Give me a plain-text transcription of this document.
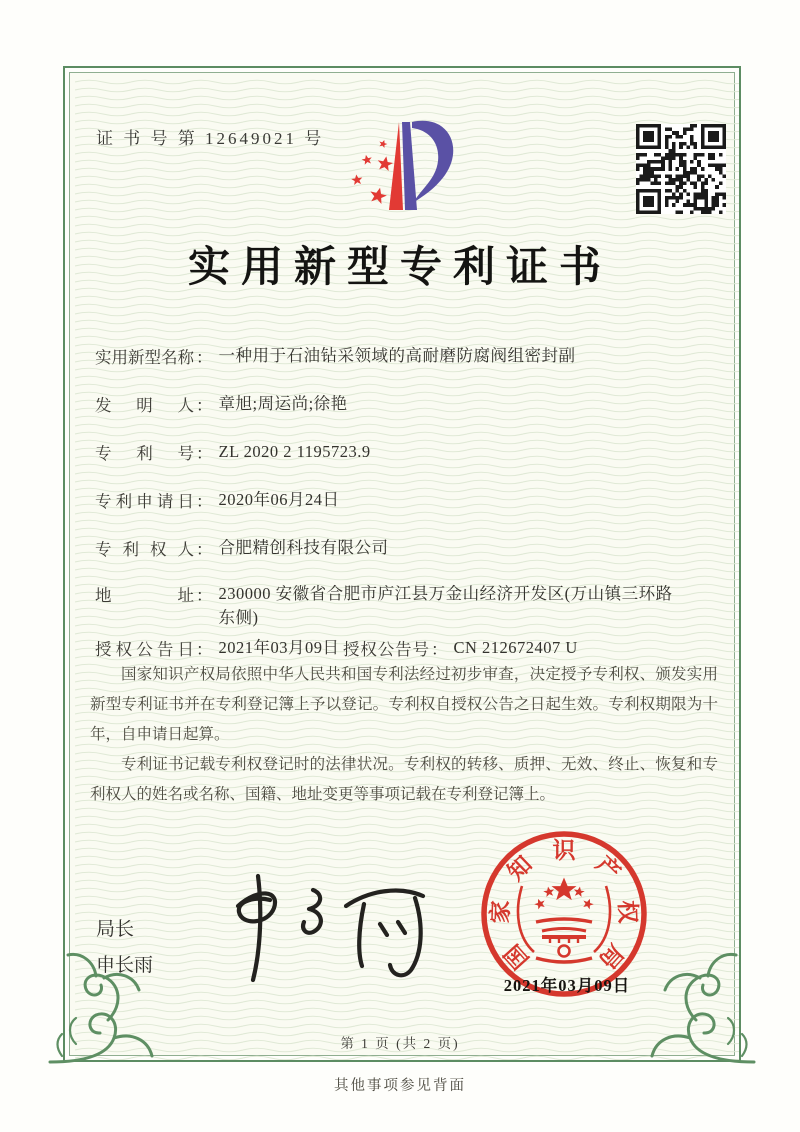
证 书 号 第 12649021 号
实用新型专利证书
实用新型名称 ： 一种用于石油钻采领域的高耐磨防腐阀组密封副
发明人 ： 章旭;周运尚;徐艳
专利号 ： ZL 2020 2 1195723.9
专利申请日 ： 2020年06月24日
专利权人 ： 合肥精创科技有限公司
地址 ： 230000 安徽省合肥市庐江县万金山经济开发区(万山镇三环路东侧)
授权公告日 ： 2021年03月09日 授权公告号 ： CN 212672407 U

国家知识产权局依照中华人民共和国专利法经过初步审查，决定授予专利权、颁发实用新型专利证书并在专利登记簿上予以登记。专利权自授权公告之日起生效。专利权期限为十年，自申请日起算。

专利证书记载专利权登记时的法律状况。专利权的转移、质押、无效、终止、恢复和专利权人的姓名或名称、国籍、地址变更等事项记载在专利登记簿上。

局长
申长雨	国
家
知
识
产
权
局
2021年03月09日
第 1 页 (共 2 页)
其他事项参见背面
